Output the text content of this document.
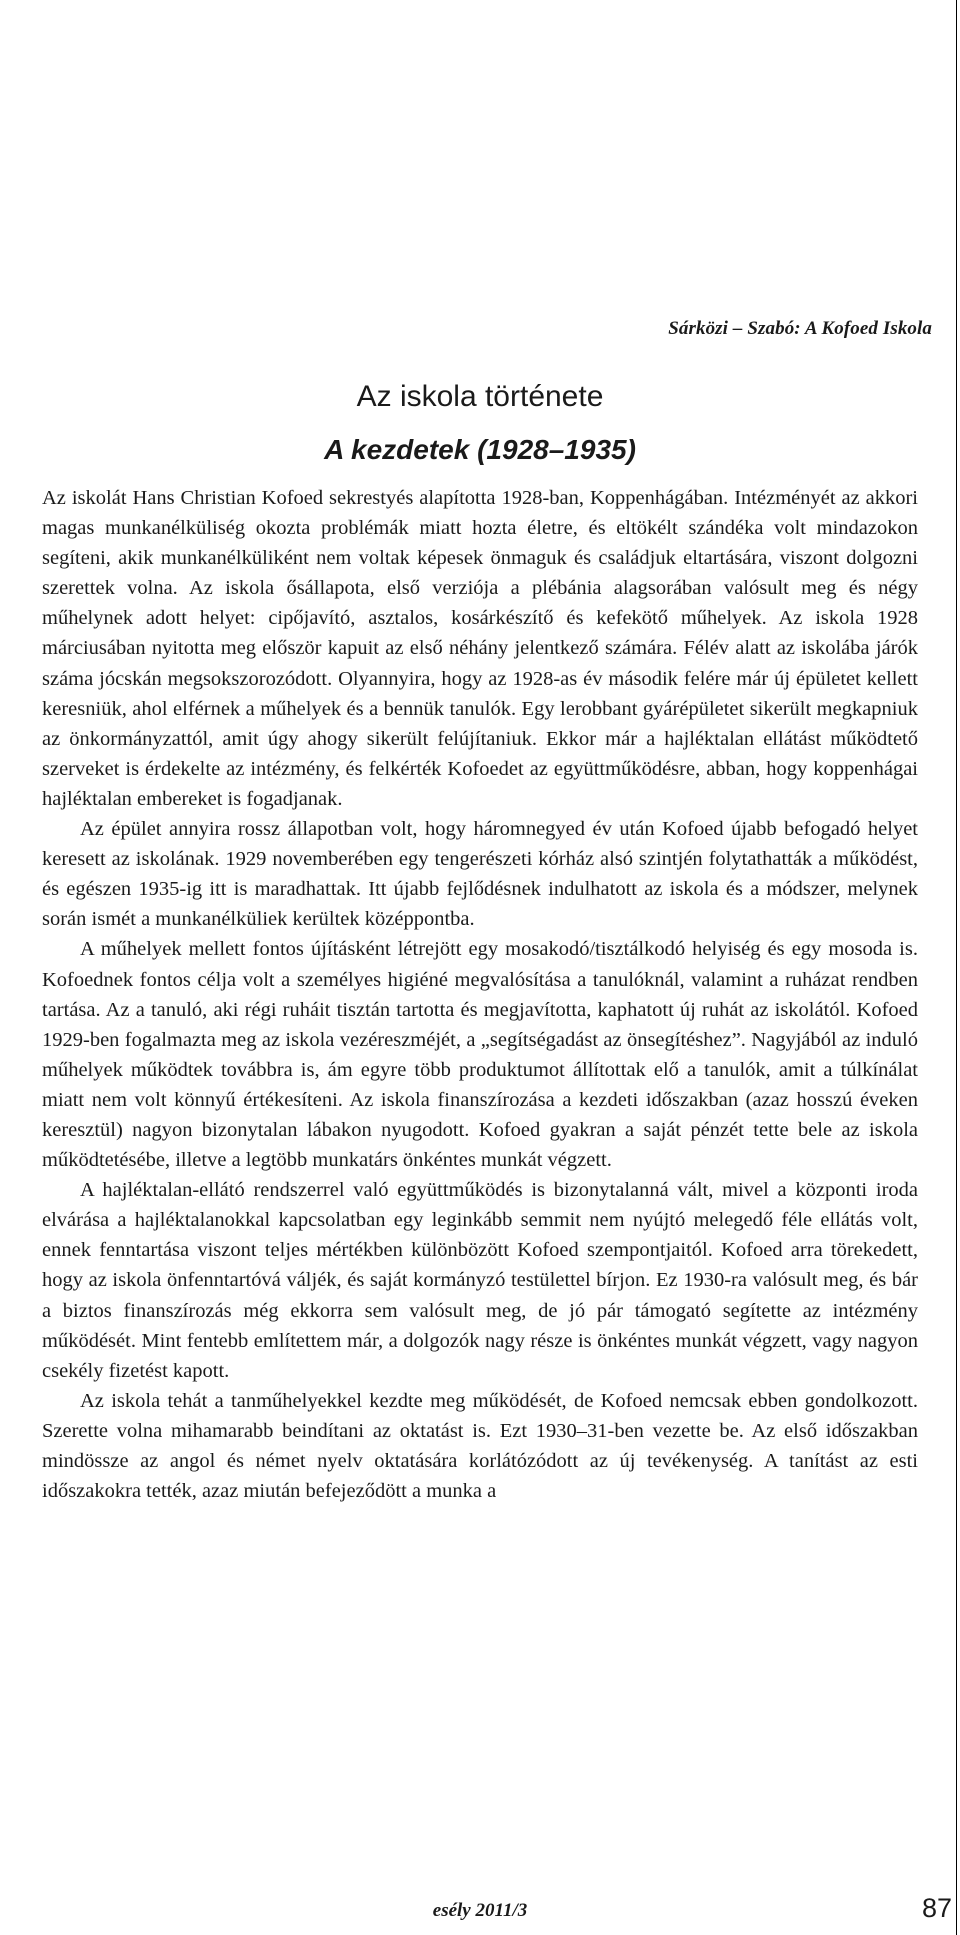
Sárközi – Szabó: A Kofoed Iskola
Az iskola története
A kezdetek (1928–1935)

Az iskolát Hans Christian Kofoed sekrestyés alapította 1928-ban, Koppenhágában. Intézményét az akkori magas munkanélküliség okozta problémák miatt hozta életre, és eltökélt szándéka volt mindazokon segíteni, akik munkanélküliként nem voltak képesek önmaguk és családjuk eltartására, viszont dolgozni szerettek volna. Az iskola ősállapota, első verziója a plébánia alagsorában valósult meg és négy műhelynek adott helyet: cipőjavító, asztalos, kosárkészítő és kefekötő műhelyek. Az iskola 1928 márciusában nyitotta meg először kapuit az első néhány jelentkező számára. Félév alatt az iskolába járók száma jócskán megsokszorozódott. Olyannyira, hogy az 1928-as év második felére már új épületet kellett keresniük, ahol elférnek a műhelyek és a bennük tanulók. Egy lerobbant gyárépületet sikerült megkapniuk az önkormányzattól, amit úgy ahogy sikerült felújítaniuk. Ekkor már a hajléktalan ellátást működtető szerveket is érdekelte az intézmény, és felkérték Kofoedet az együttműködésre, abban, hogy koppenhágai hajléktalan embereket is fogadjanak.

Az épület annyira rossz állapotban volt, hogy háromnegyed év után Kofoed újabb befogadó helyet keresett az iskolának. 1929 novemberében egy tengerészeti kórház alsó szintjén folytathatták a működést, és egészen 1935-ig itt is maradhattak. Itt újabb fejlődésnek indulhatott az iskola és a módszer, melynek során ismét a munkanélküliek kerültek középpontba.

A műhelyek mellett fontos újításként létrejött egy mosakodó/tisztálkodó helyiség és egy mosoda is. Kofoednek fontos célja volt a személyes higiéné megvalósítása a tanulóknál, valamint a ruházat rendben tartása. Az a tanuló, aki régi ruháit tisztán tartotta és megjavította, kaphatott új ruhát az iskolától. Kofoed 1929-ben fogalmazta meg az iskola vezéreszméjét, a „segítségadást az önsegítéshez”. Nagyjából az induló műhelyek működtek továbbra is, ám egyre több produktumot állítottak elő a tanulók, amit a túlkínálat miatt nem volt könnyű értékesíteni. Az iskola finanszírozása a kezdeti időszakban (azaz hosszú éveken keresztül) nagyon bizonytalan lábakon nyugodott. Kofoed gyakran a saját pénzét tette bele az iskola működtetésébe, illetve a legtöbb munkatárs önkéntes munkát végzett.

A hajléktalan-ellátó rendszerrel való együttműködés is bizonytalanná vált, mivel a központi iroda elvárása a hajléktalanokkal kapcsolatban egy leginkább semmit nem nyújtó melegedő féle ellátás volt, ennek fenntartása viszont teljes mértékben különbözött Kofoed szempontjaitól. Kofoed arra törekedett, hogy az iskola önfenntartóvá váljék, és saját kormányzó testülettel bírjon. Ez 1930-ra valósult meg, és bár a biztos finanszírozás még ekkorra sem valósult meg, de jó pár támogató segítette az intézmény működését. Mint fentebb említettem már, a dolgozók nagy része is önkéntes munkát végzett, vagy nagyon csekély fizetést kapott.

Az iskola tehát a tanműhelyekkel kezdte meg működését, de Kofoed nemcsak ebben gondolkozott. Szerette volna mihamarabb beindítani az oktatást is. Ezt 1930–31-ben vezette be. Az első időszakban mindössze az angol és német nyelv oktatására korlátózódott az új tevékenység. A tanítást az esti időszakokra tették, azaz miután befejeződött a munka a

esély 2011/3	87
